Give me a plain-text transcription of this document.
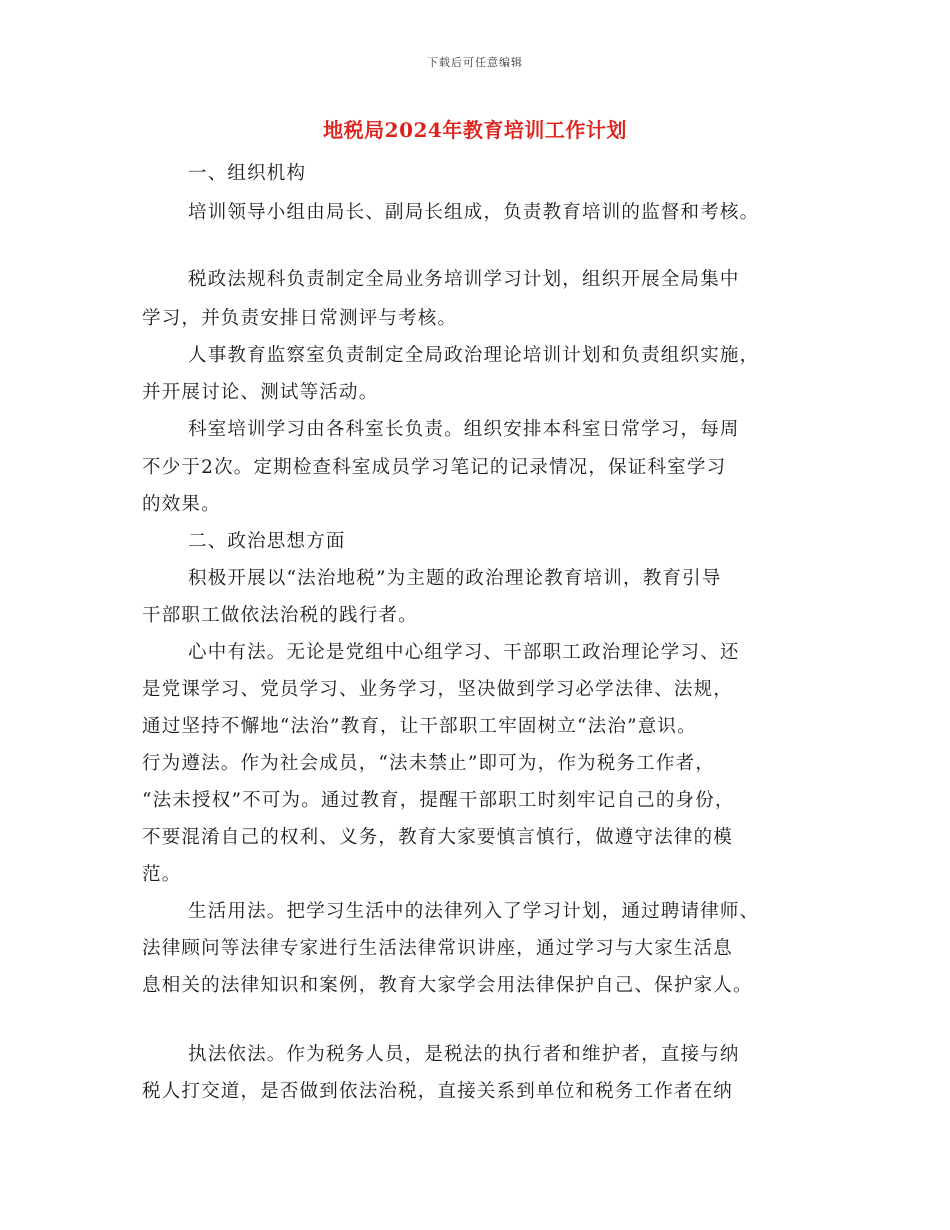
下载后可任意编辑
地税局2024年教育培训工作计划
一、组织机构
培训领导小组由局长、副局长组成，负责教育培训的监督和考核。
税政法规科负责制定全局业务培训学习计划，组织开展全局集中
学习，并负责安排日常测评与考核。
人事教育监察室负责制定全局政治理论培训计划和负责组织实施，
并开展讨论、测试等活动。
科室培训学习由各科室长负责。组织安排本科室日常学习，每周
不少于2次。定期检查科室成员学习笔记的记录情况，保证科室学习
的效果。
二、政治思想方面
积极开展以“法治地税”为主题的政治理论教育培训，教育引导
干部职工做依法治税的践行者。
心中有法。无论是党组中心组学习、干部职工政治理论学习、还
是党课学习、党员学习、业务学习，坚决做到学习必学法律、法规，
通过坚持不懈地“法治”教育，让干部职工牢固树立“法治”意识。
行为遵法。作为社会成员，“法未禁止”即可为，作为税务工作者，
“法未授权”不可为。通过教育，提醒干部职工时刻牢记自己的身份，
不要混淆自己的权利、义务，教育大家要慎言慎行，做遵守法律的模
范。
生活用法。把学习生活中的法律列入了学习计划，通过聘请律师、
法律顾问等法律专家进行生活法律常识讲座，通过学习与大家生活息
息相关的法律知识和案例，教育大家学会用法律保护自己、保护家人。
执法依法。作为税务人员，是税法的执行者和维护者，直接与纳
税人打交道，是否做到依法治税，直接关系到单位和税务工作者在纳
